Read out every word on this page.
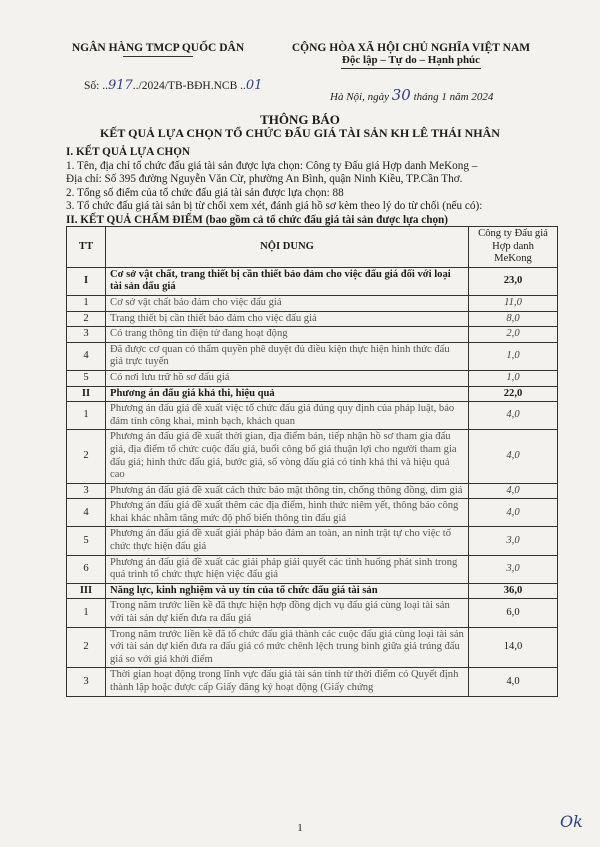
NGÂN HÀNG TMCP QUỐC DÂN	CỘNG HÒA XÃ HỘI CHỦ NGHĨA VIỆT NAM
Độc lập – Tự do – Hạnh phúc
Số: ..917../2024/TB-BĐH.NCB ..01
Hà Nội, ngày 30 tháng 1 năm 2024
THÔNG BÁO
KẾT QUẢ LỰA CHỌN TỔ CHỨC ĐẤU GIÁ TÀI SẢN KH LÊ THÁI NHÂN
I. KẾT QUẢ LỰA CHỌN
1. Tên, địa chỉ tổ chức đấu giá tài sản được lựa chọn: Công ty Đấu giá Hợp danh MeKong –
Địa chỉ: Số 395 đường Nguyễn Văn Cừ, phường An Bình, quận Ninh Kiều, TP.Cần Thơ.
2. Tổng số điểm của tổ chức đấu giá tài sản được lựa chọn: 88
3. Tổ chức đấu giá tài sản bị từ chối xem xét, đánh giá hồ sơ kèm theo lý do từ chối (nếu có):
II. KẾT QUẢ CHẤM ĐIỂM (bao gồm cả tổ chức đấu giá tài sản được lựa chọn)
TT	NỘI DUNG	Công ty Đấu giá Hợp danh MeKong
I	Cơ sở vật chất, trang thiết bị cần thiết bảo đảm cho việc đấu giá đối với loại tài sản đấu giá	23,0
1	Cơ sở vật chất bảo đảm cho việc đấu giá	11,0
2	Trang thiết bị cần thiết bảo đảm cho việc đấu giá	8,0
3	Có trang thông tin điện tử đang hoạt động	2,0
4	Đã được cơ quan có thẩm quyền phê duyệt đủ điều kiện thực hiện hình thức đấu giá trực tuyến	1,0
5	Có nơi lưu trữ hồ sơ đấu giá	1,0
II	Phương án đấu giá khả thi, hiệu quả	22,0
1	Phương án đấu giá đề xuất việc tổ chức đấu giá đúng quy định của pháp luật, bảo đảm tính công khai, minh bạch, khách quan	4,0
2	Phương án đấu giá đề xuất thời gian, địa điểm bán, tiếp nhận hồ sơ tham gia đấu giá, địa điểm tổ chức cuộc đấu giá, buổi công bố giá thuận lợi cho người tham gia đấu giá; hình thức đấu giá, bước giá, số vòng đấu giá có tính khả thi và hiệu quả cao	4,0
3	Phương án đấu giá đề xuất cách thức bảo mật thông tin, chống thông đồng, dìm giá	4,0
4	Phương án đấu giá đề xuất thêm các địa điểm, hình thức niêm yết, thông báo công khai khác nhằm tăng mức độ phổ biến thông tin đấu giá	4,0
5	Phương án đấu giá đề xuất giải pháp bảo đảm an toàn, an ninh trật tự cho việc tổ chức thực hiện đấu giá	3,0
6	Phương án đấu giá đề xuất các giải pháp giải quyết các tình huống phát sinh trong quá trình tổ chức thực hiện việc đấu giá	3,0
III	Năng lực, kinh nghiệm và uy tín của tổ chức đấu giá tài sản	36,0
1	Trong năm trước liền kề đã thực hiện hợp đồng dịch vụ đấu giá cùng loại tài sản với tài sản dự kiến đưa ra đấu giá	6,0
2	Trong năm trước liền kề đã tổ chức đấu giá thành các cuộc đấu giá cùng loại tài sản với tài sản dự kiến đưa ra đấu giá có mức chênh lệch trung bình giữa giá trúng đấu giá so với giá khởi điểm	14,0
3	Thời gian hoạt động trong lĩnh vực đấu giá tài sản tính từ thời điểm có Quyết định thành lập hoặc được cấp Giấy đăng ký hoạt động (Giấy chứng	4,0
1	Ok
